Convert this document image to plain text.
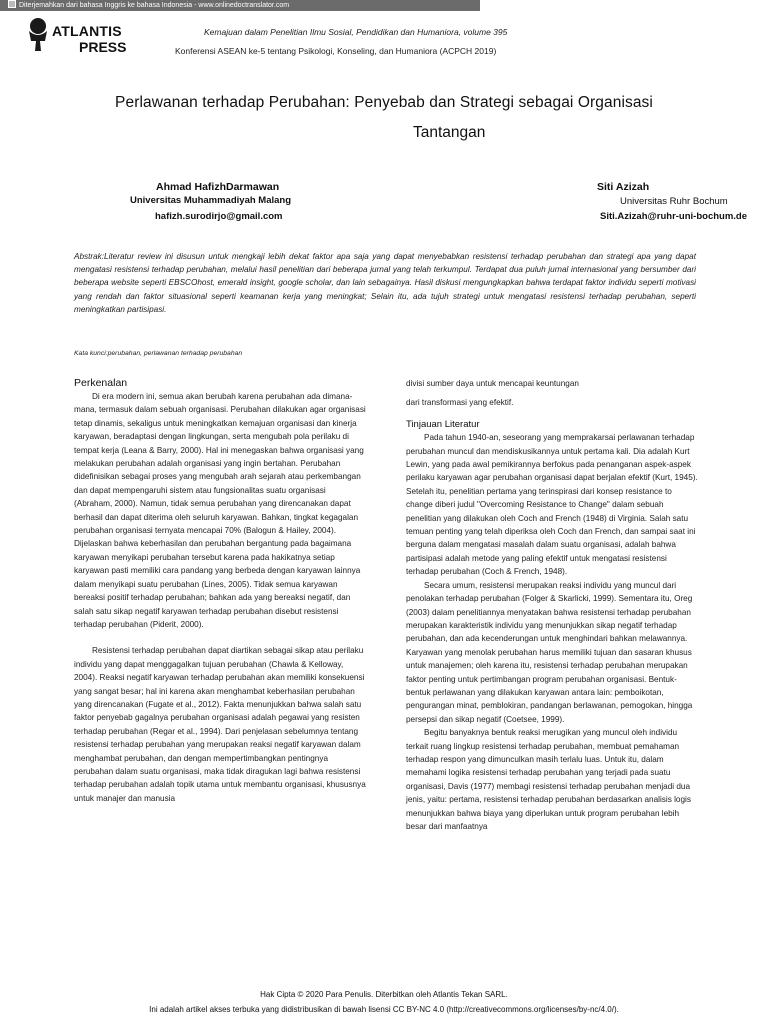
Diterjemahkan dari bahasa Inggris ke bahasa Indonesia - www.onlinedoctranslator.com
ATLANTIS
PRESS
Kemajuan dalam Penelitian Ilmu Sosial, Pendidikan dan Humaniora, volume 395
Konferensi ASEAN ke-5 tentang Psikologi, Konseling, dan Humaniora (ACPCH 2019)
Perlawanan terhadap Perubahan: Penyebab dan Strategi sebagai Organisasi
Tantangan
Ahmad HafizhDarmawan
Universitas Muhammadiyah Malang
hafizh.surodirjo@gmail.com
Siti Azizah
Universitas Ruhr Bochum
Siti.Azizah@ruhr-uni-bochum.de
Abstrak:Literatur review ini disusun untuk mengkaji lebih dekat faktor apa saja yang dapat menyebabkan resistensi terhadap perubahan dan strategi apa yang dapat mengatasi resistensi terhadap perubahan, melalui hasil penelitian dari beberapa jurnal yang telah terkumpul. Terdapat dua puluh jurnal internasional yang bersumber dari beberapa website seperti EBSCOhost, emerald insight, google scholar, dan lain sebagainya. Hasil diskusi mengungkapkan bahwa terdapat faktor individu seperti motivasi yang rendah dan faktor situasional seperti keamanan kerja yang meningkat; Selain itu, ada tujuh strategi untuk mengatasi resistensi terhadap perubahan, seperti meningkatkan partisipasi.
Kata kunci:perubahan, perlawanan terhadap perubahan
Perkenalan

Di era modern ini, semua akan berubah karena perubahan ada dimana-mana, termasuk dalam sebuah organisasi. Perubahan dilakukan agar organisasi tetap dinamis, sekaligus untuk meningkatkan kemajuan organisasi dan kinerja karyawan, beradaptasi dengan lingkungan, serta mengubah pola perilaku di tempat kerja (Leana & Barry, 2000). Hal ini menegaskan bahwa organisasi yang melakukan perubahan adalah organisasi yang ingin bertahan. Perubahan didefinisikan sebagai proses yang mengubah arah sejarah atau perkembangan dan dapat mempengaruhi sistem atau fungsionalitas suatu organisasi (Abraham, 2000). Namun, tidak semua perubahan yang direncanakan dapat berhasil dan dapat diterima oleh seluruh karyawan. Bahkan, tingkat kegagalan perubahan organisasi ternyata mencapai 70% (Balogun & Hailey, 2004). Dijelaskan bahwa keberhasilan dan perubahan bergantung pada bagaimana karyawan menyikapi perubahan tersebut karena pada hakikatnya setiap karyawan pasti memiliki cara pandang yang berbeda dengan karyawan lainnya dalam menyikapi suatu perubahan (Lines, 2005). Tidak semua karyawan bereaksi positif terhadap perubahan; bahkan ada yang bereaksi negatif, dan salah satu sikap negatif karyawan terhadap perubahan disebut resistensi terhadap perubahan (Piderit, 2000).

Resistensi terhadap perubahan dapat diartikan sebagai sikap atau perilaku individu yang dapat menggagalkan tujuan perubahan (Chawla & Kelloway, 2004). Reaksi negatif karyawan terhadap perubahan akan memiliki konsekuensi yang sangat besar; hal ini karena akan menghambat keberhasilan perubahan yang direncanakan (Fugate et al., 2012). Fakta menunjukkan bahwa salah satu faktor penyebab gagalnya perubahan organisasi adalah pegawai yang resisten terhadap perubahan (Regar et al., 1994). Dari penjelasan sebelumnya tentang resistensi terhadap perubahan yang merupakan reaksi negatif karyawan dalam menghambat perubahan, dan dengan mempertimbangkan pentingnya perubahan dalam suatu organisasi, maka tidak diragukan lagi bahwa resistensi terhadap perubahan adalah topik utama untuk membantu organisasi, khususnya untuk manajer dan manusia

divisi sumber daya untuk mencapai keuntungan

dari transformasi yang efektif.

Tinjauan Literatur

Pada tahun 1940-an, seseorang yang memprakarsai perlawanan terhadap perubahan muncul dan mendiskusikannya untuk pertama kali. Dia adalah Kurt Lewin, yang pada awal pemikirannya berfokus pada penanganan aspek-aspek perilaku karyawan agar perubahan organisasi dapat berjalan efektif (Kurt, 1945). Setelah itu, penelitian pertama yang terinspirasi dari konsep resistance to change diberi judul "Overcoming Resistance to Change" dalam sebuah penelitian yang dilakukan oleh Coch and French (1948) di Virginia. Salah satu temuan penting yang telah diperiksa oleh Coch dan French, dan sampai saat ini berguna dalam mengatasi masalah dalam suatu organisasi, adalah bahwa partisipasi adalah metode yang paling efektif untuk mengatasi resistensi terhadap perubahan (Coch & French, 1948).

Secara umum, resistensi merupakan reaksi individu yang muncul dari penolakan terhadap perubahan (Folger & Skarlicki, 1999). Sementara itu, Oreg (2003) dalam penelitiannya menyatakan bahwa resistensi terhadap perubahan merupakan karakteristik individu yang menunjukkan sikap negatif terhadap perubahan, dan ada kecenderungan untuk menghindari bahkan melawannya. Karyawan yang menolak perubahan harus memiliki tujuan dan sasaran khusus untuk manajemen; oleh karena itu, resistensi terhadap perubahan merupakan faktor penting untuk pertimbangan program perubahan organisasi. Bentuk-bentuk perlawanan yang dilakukan karyawan antara lain: pemboikotan, pengurangan minat, pemblokiran, pandangan berlawanan, pemogokan, hingga persepsi dan sikap negatif (Coetsee, 1999).

Begitu banyaknya bentuk reaksi merugikan yang muncul oleh individu terkait ruang lingkup resistensi terhadap perubahan, membuat pemahaman terhadap respon yang dimunculkan masih terlalu luas. Untuk itu, dalam memahami logika resistensi terhadap perubahan yang terjadi pada suatu organisasi, Davis (1977) membagi resistensi terhadap perubahan menjadi dua jenis, yaitu: pertama, resistensi terhadap perubahan berdasarkan analisis logis menunjukkan bahwa biaya yang diperlukan untuk program perubahan lebih besar dari manfaatnya

Hak Cipta © 2020 Para Penulis. Diterbitkan oleh Atlantis Tekan SARL.
Ini adalah artikel akses terbuka yang didistribusikan di bawah lisensi CC BY-NC 4.0 (http://creativecommons.org/licenses/by-nc/4.0/).
